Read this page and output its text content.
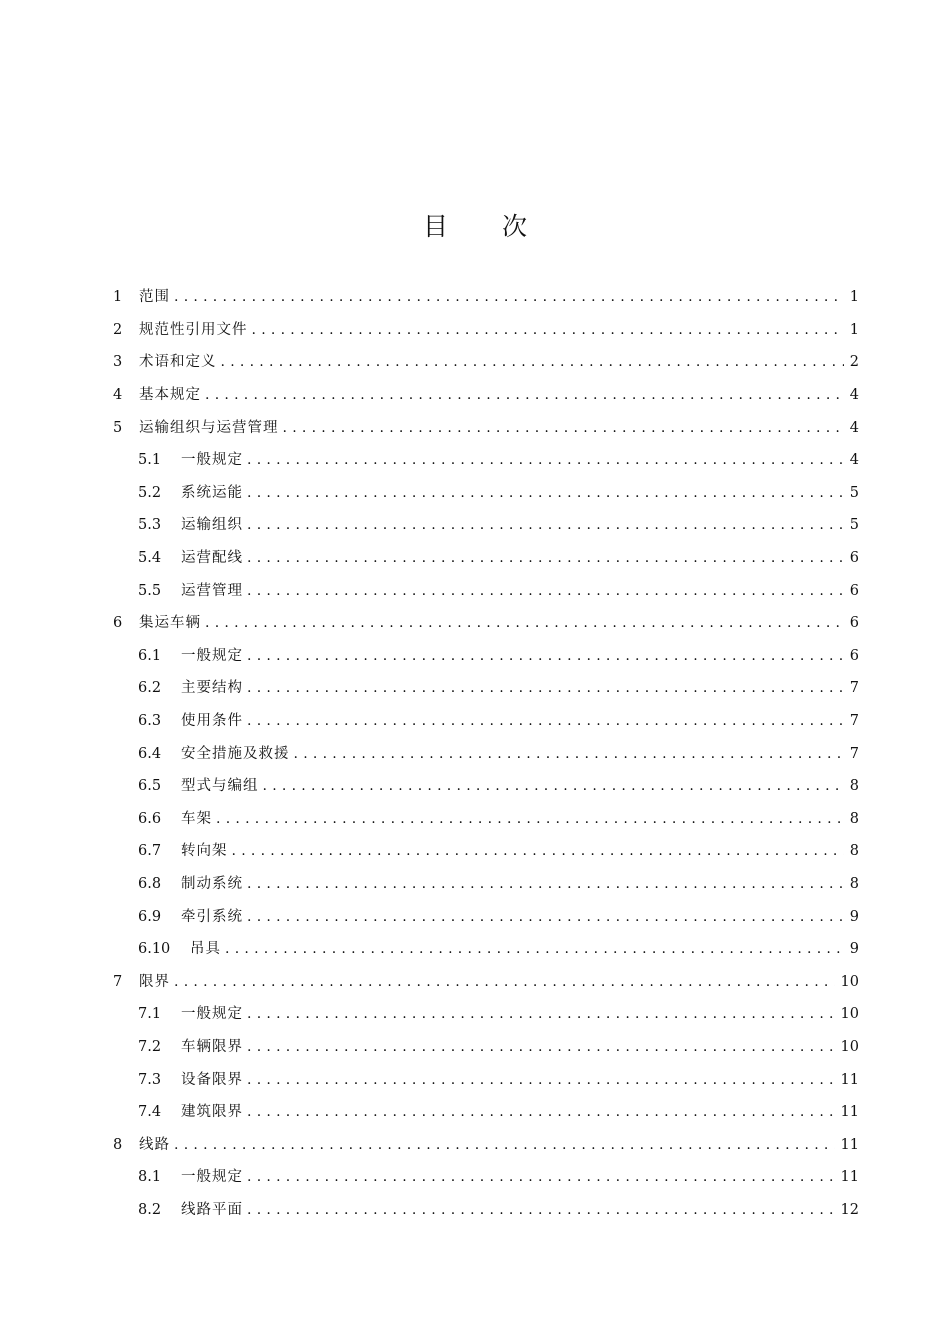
目次
1	范围 . . .	1
2	规范性引用文件 . . .	1
3	术语和定义 . . .	2
4	基本规定 . . .	4
5	运输组织与运营管理 . . .	4
5.1	一般规定 . . .	4
5.2	系统运能 . . .	5
5.3	运输组织 . . .	5
5.4	运营配线 . . .	6
5.5	运营管理 . . .	6
6	集运车辆 . . .	6
6.1	一般规定 . . .	6
6.2	主要结构 . . .	7
6.3	使用条件 . . .	7
6.4	安全措施及救援 . . .	7
6.5	型式与编组 . . .	8
6.6	车架 . . .	8
6.7	转向架 . . .	8
6.8	制动系统 . . .	8
6.9	牵引系统 . . .	9
6.10	吊具 . . .	9
7	限界 . . .	10
7.1	一般规定 . . .	10
7.2	车辆限界 . . .	10
7.3	设备限界 . . .	11
7.4	建筑限界 . . .	11
8	线路 . . .	11
8.1	一般规定 . . .	11
8.2	线路平面 . . .	12
